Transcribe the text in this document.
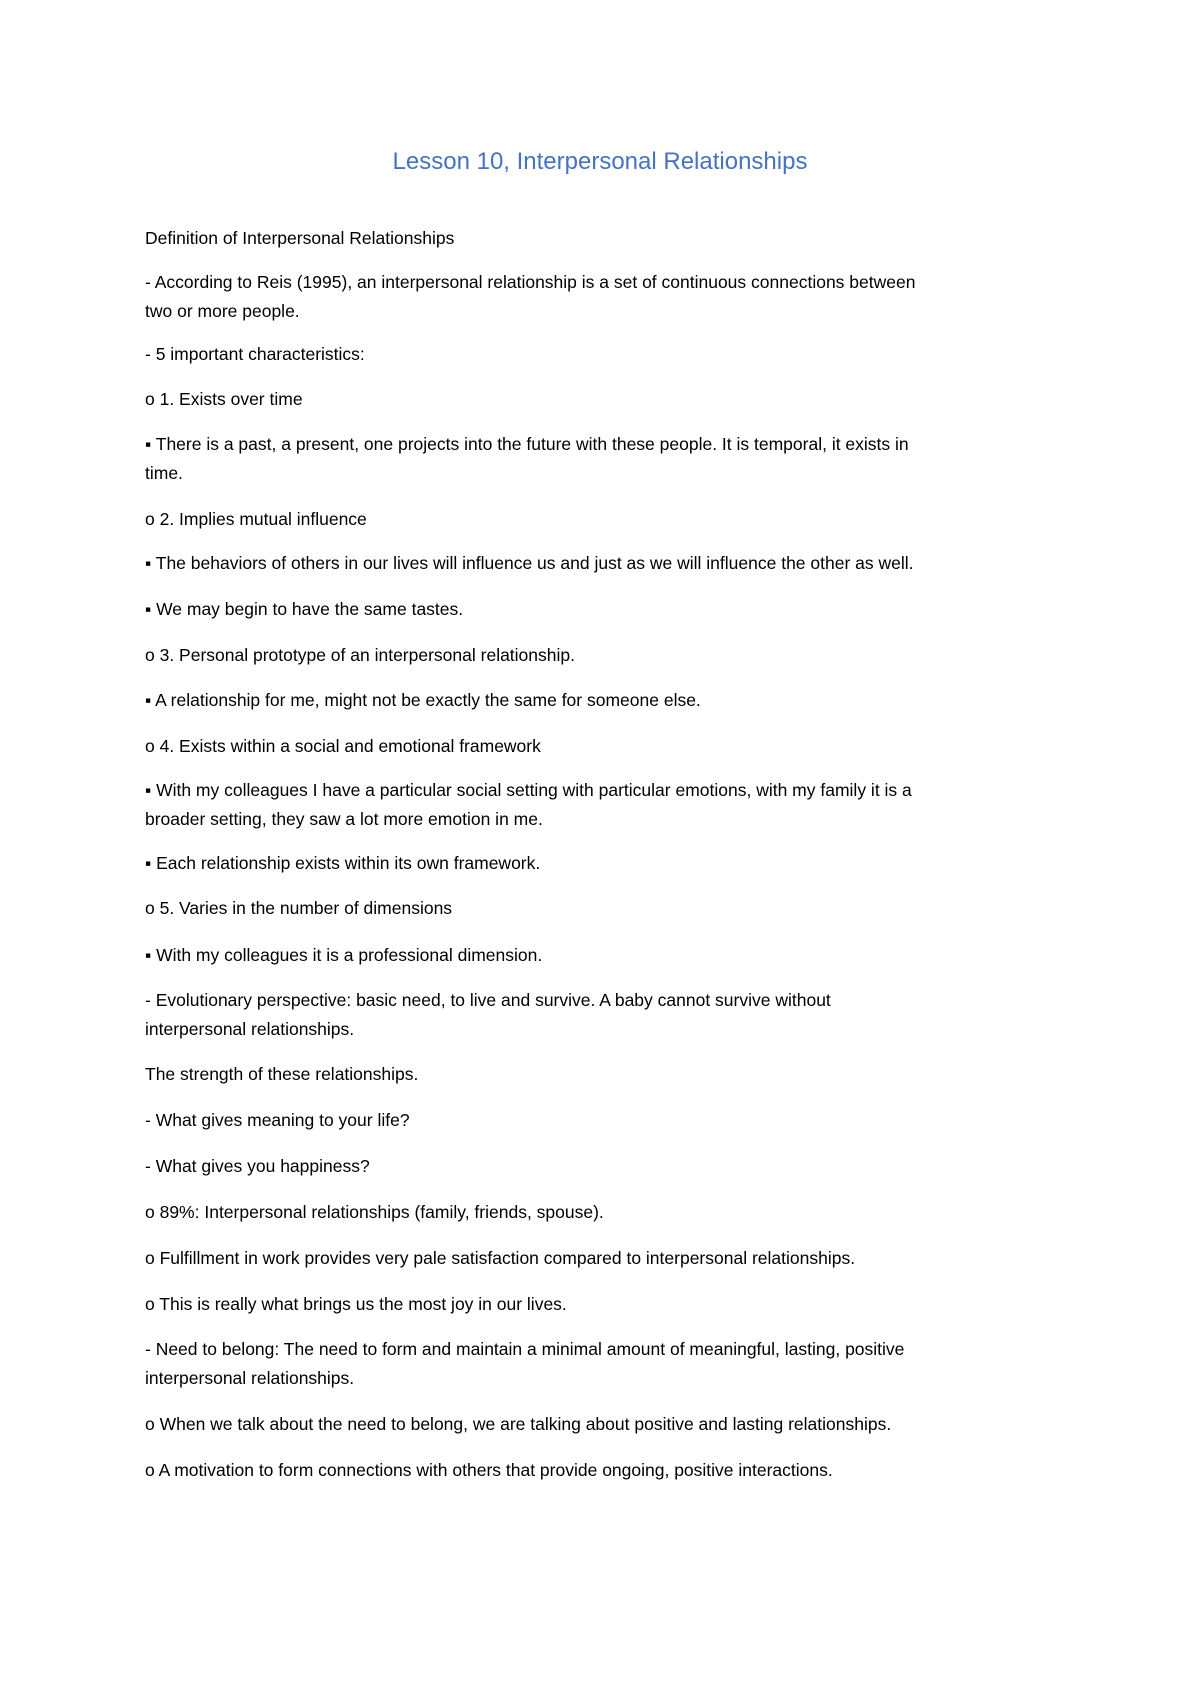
Lesson 10, Interpersonal Relationships

Definition of Interpersonal Relationships

- According to Reis (1995), an interpersonal relationship is a set of continuous connections between

two or more people.

- 5 important characteristics:

o 1. Exists over time

▪ There is a past, a present, one projects into the future with these people. It is temporal, it exists in

time.

o 2. Implies mutual influence

▪ The behaviors of others in our lives will influence us and just as we will influence the other as well.

▪ We may begin to have the same tastes.

o 3. Personal prototype of an interpersonal relationship.

▪ A relationship for me, might not be exactly the same for someone else.

o 4. Exists within a social and emotional framework

▪ With my colleagues I have a particular social setting with particular emotions, with my family it is a

broader setting, they saw a lot more emotion in me.

▪ Each relationship exists within its own framework.

o 5. Varies in the number of dimensions

▪ With my colleagues it is a professional dimension.

- Evolutionary perspective: basic need, to live and survive. A baby cannot survive without

interpersonal relationships.

The strength of these relationships.

- What gives meaning to your life?

- What gives you happiness?

o 89%: Interpersonal relationships (family, friends, spouse).

o Fulfillment in work provides very pale satisfaction compared to interpersonal relationships.

o This is really what brings us the most joy in our lives.

- Need to belong: The need to form and maintain a minimal amount of meaningful, lasting, positive

interpersonal relationships.

o When we talk about the need to belong, we are talking about positive and lasting relationships.

o A motivation to form connections with others that provide ongoing, positive interactions.
